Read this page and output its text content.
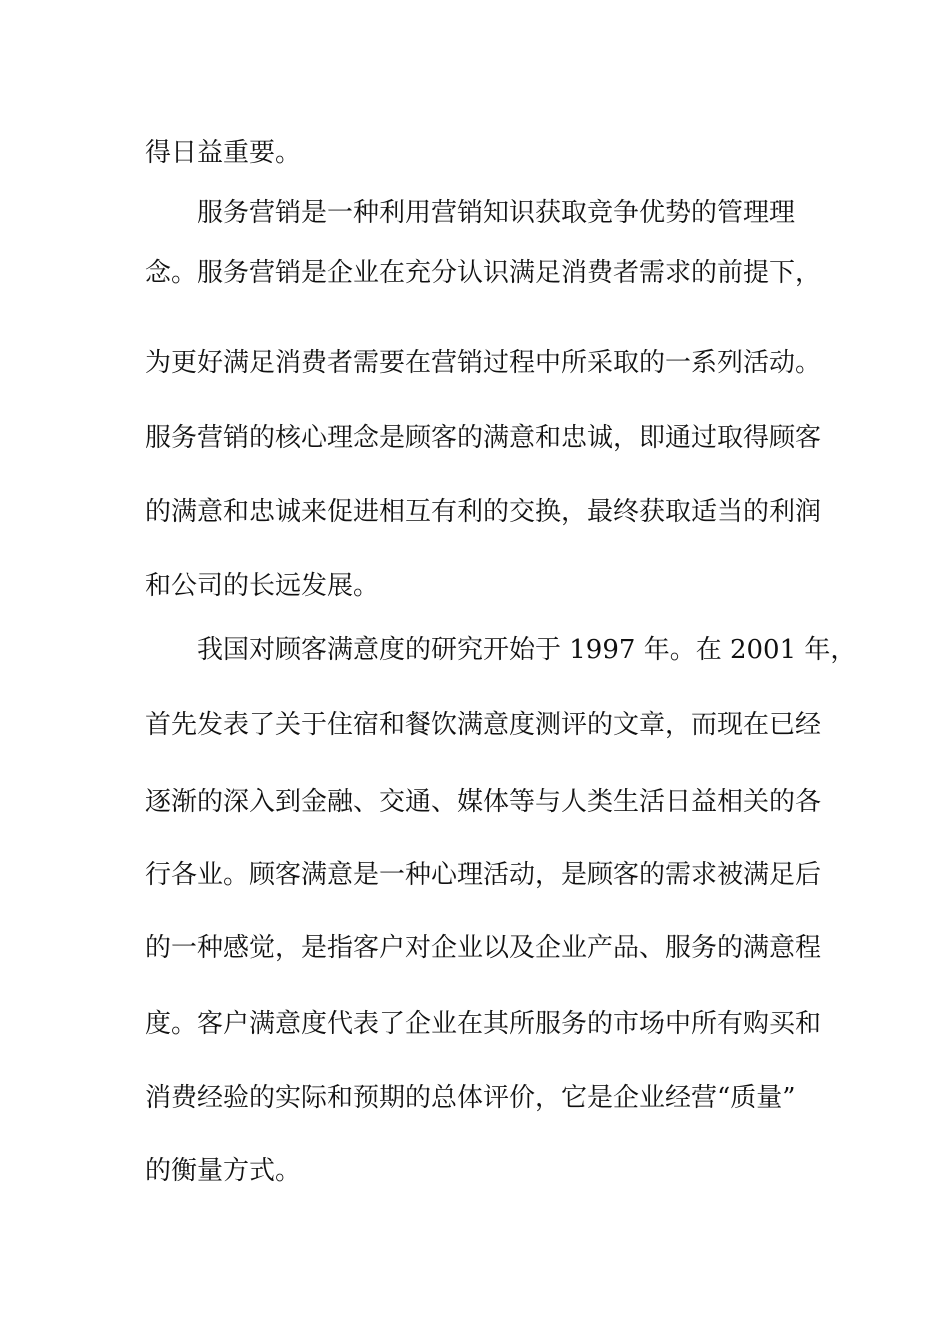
得日益重要。
服务营销是一种利用营销知识获取竞争优势的管理理
念。服务营销是企业在充分认识满足消费者需求的前提下，
为更好满足消费者需要在营销过程中所采取的一系列活动。
服务营销的核心理念是顾客的满意和忠诚，即通过取得顾客
的满意和忠诚来促进相互有利的交换，最终获取适当的利润
和公司的长远发展。
我国对顾客满意度的研究开始于 1997 年。在 2001 年，
首先发表了关于住宿和餐饮满意度测评的文章，而现在已经
逐渐的深入到金融、交通、媒体等与人类生活日益相关的各
行各业。顾客满意是一种心理活动，是顾客的需求被满足后
的一种感觉，是指客户对企业以及企业产品、服务的满意程
度。客户满意度代表了企业在其所服务的市场中所有购买和
消费经验的实际和预期的总体评价，它是企业经营“质量”
的衡量方式。
